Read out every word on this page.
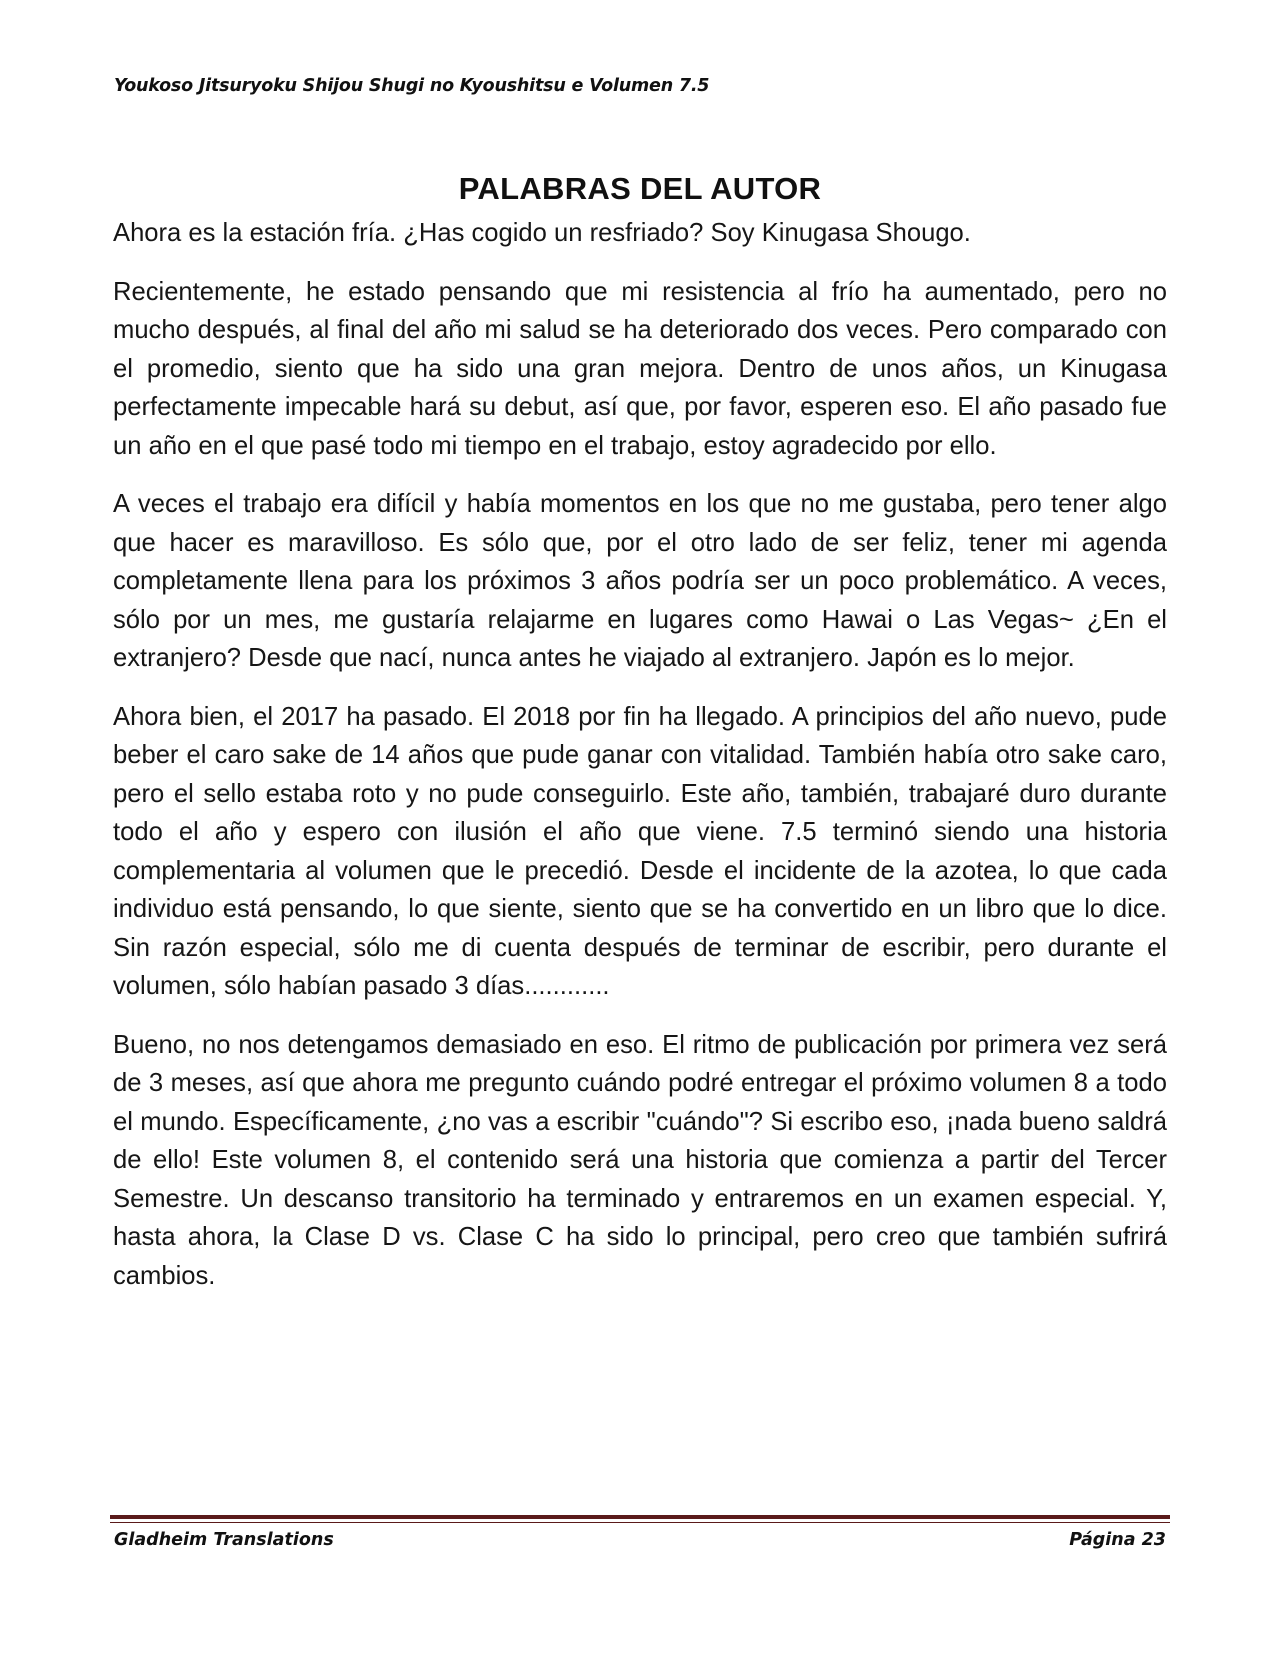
Youkoso Jitsuryoku Shijou Shugi no Kyoushitsu e Volumen 7.5
PALABRAS DEL AUTOR

Ahora es la estación fría. ¿Has cogido un resfriado? Soy Kinugasa Shougo.

Recientemente, he estado pensando que mi resistencia al frío ha aumentado, pero no mucho después, al final del año mi salud se ha deteriorado dos veces. Pero comparado con el promedio, siento que ha sido una gran mejora. Dentro de unos años, un Kinugasa perfectamente impecable hará su debut, así que, por favor, esperen eso. El año pasado fue un año en el que pasé todo mi tiempo en el trabajo, estoy agradecido por ello.

A veces el trabajo era difícil y había momentos en los que no me gustaba, pero tener algo que hacer es maravilloso. Es sólo que, por el otro lado de ser feliz, tener mi agenda completamente llena para los próximos 3 años podría ser un poco problemático. A veces, sólo por un mes, me gustaría relajarme en lugares como Hawai o Las Vegas~ ¿En el extranjero? Desde que nací, nunca antes he viajado al extranjero. Japón es lo mejor.

Ahora bien, el 2017 ha pasado. El 2018 por fin ha llegado. A principios del año nuevo, pude beber el caro sake de 14 años que pude ganar con vitalidad. También había otro sake caro, pero el sello estaba roto y no pude conseguirlo. Este año, también, trabajaré duro durante todo el año y espero con ilusión el año que viene. 7.5 terminó siendo una historia complementaria al volumen que le precedió. Desde el incidente de la azotea, lo que cada individuo está pensando, lo que siente, siento que se ha convertido en un libro que lo dice. Sin razón especial, sólo me di cuenta después de terminar de escribir, pero durante el volumen, sólo habían pasado 3 días............

Bueno, no nos detengamos demasiado en eso. El ritmo de publicación por primera vez será de 3 meses, así que ahora me pregunto cuándo podré entregar el próximo volumen 8 a todo el mundo. Específicamente, ¿no vas a escribir "cuándo"? Si escribo eso, ¡nada bueno saldrá de ello! Este volumen 8, el contenido será una historia que comienza a partir del Tercer Semestre. Un descanso transitorio ha terminado y entraremos en un examen especial. Y, hasta ahora, la Clase D vs. Clase C ha sido lo principal, pero creo que también sufrirá cambios.

Gladheim Translations	Página 23
